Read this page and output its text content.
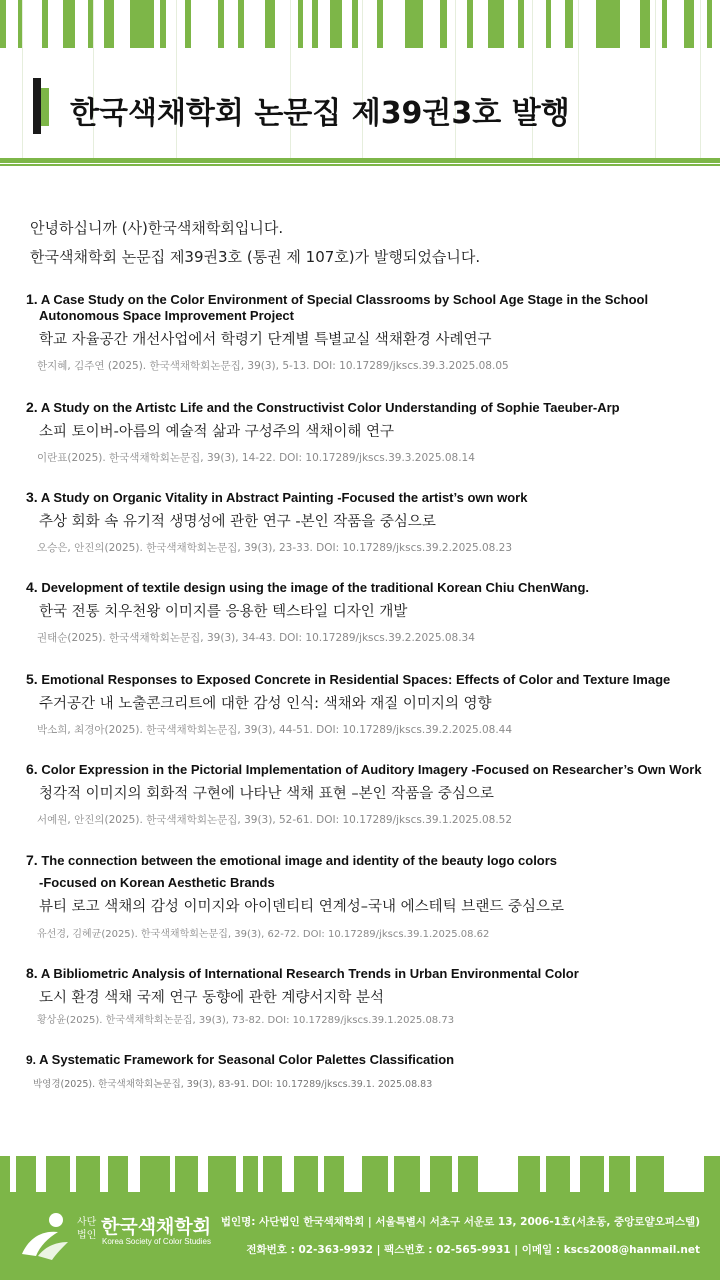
한국색채학회 논문집 제39권3호 발행
안녕하십니까 (사)한국색채학회입니다.
한국색채학회 논문집 제39권3호 (통권 제 107호)가 발행되었습니다.
1. A Case Study on the Color Environment of Special Classrooms by School Age Stage in the School
Autonomous Space Improvement Project
학교 자율공간 개선사업에서 학령기 단계별 특별교실 색채환경 사례연구
한지혜, 김주연 (2025). 한국색채학회논문집, 39(3), 5-13. DOI: 10.17289/jkscs.39.3.2025.08.05
2. A Study on the Artistc Life and the Constructivist Color Understanding of Sophie Taeuber-Arp
소피 토이버-아름의 예술적 삶과 구성주의 색채이해 연구
이란표(2025). 한국색채학회논문집, 39(3), 14-22. DOI: 10.17289/jkscs.39.3.2025.08.14
3. A Study on Organic Vitality in Abstract Painting -Focused the artist’s own work
추상 회화 속 유기적 생명성에 관한 연구 -본인 작품을 중심으로
오승은, 안진의(2025). 한국색채학회논문집, 39(3), 23-33. DOI: 10.17289/jkscs.39.2.2025.08.23
4. Development of textile design using the image of the traditional Korean Chiu ChenWang.
한국 전통 치우천왕 이미지를 응용한 텍스타일 디자인 개발
권태순(2025). 한국색채학회논문집, 39(3), 34-43. DOI: 10.17289/jkscs.39.2.2025.08.34
5. Emotional Responses to Exposed Concrete in Residential Spaces: Effects of Color and Texture Image
주거공간 내 노출콘크리트에 대한 감성 인식: 색채와 재질 이미지의 영향
박소희, 최경아(2025). 한국색채학회논문집, 39(3), 44-51. DOI: 10.17289/jkscs.39.2.2025.08.44
6. Color Expression in the Pictorial Implementation of Auditory Imagery -Focused on Researcher’s Own Work
청각적 이미지의 회화적 구현에 나타난 색채 표현 –본인 작품을 중심으로
서예원, 안진의(2025). 한국색채학회논문집, 39(3), 52-61. DOI: 10.17289/jkscs.39.1.2025.08.52
7. The connection between the emotional image and identity of the beauty logo colors
-Focused on Korean Aesthetic Brands
뷰티 로고 색채의 감성 이미지와 아이덴티티 연계성–국내 에스테틱 브랜드 중심으로
유선경, 김혜균(2025). 한국색채학회논문집, 39(3), 62-72. DOI: 10.17289/jkscs.39.1.2025.08.62
8. A Bibliometric Analysis of International Research Trends in Urban Environmental Color
도시 환경 색채 국제 연구 동향에 관한 계량서지학 분석
황상윤(2025). 한국색채학회논문집, 39(3), 73-82. DOI: 10.17289/jkscs.39.1.2025.08.73
9. A Systematic Framework for Seasonal Color Palettes Classification
박영경(2025). 한국색채학회논문집, 39(3), 83-91. DOI: 10.17289/jkscs.39.1. 2025.08.83
사단
법인 한국색채학회
Korea Society of Color Studies
법인명: 사단법인 한국색채학회 | 서울특별시 서초구 서운로 13, 2006-1호(서초동, 중앙로얄오피스텔)
전화번호 : 02-363-9932 | 팩스번호 : 02-565-9931 | 이메일 : kscs2008@hanmail.net
